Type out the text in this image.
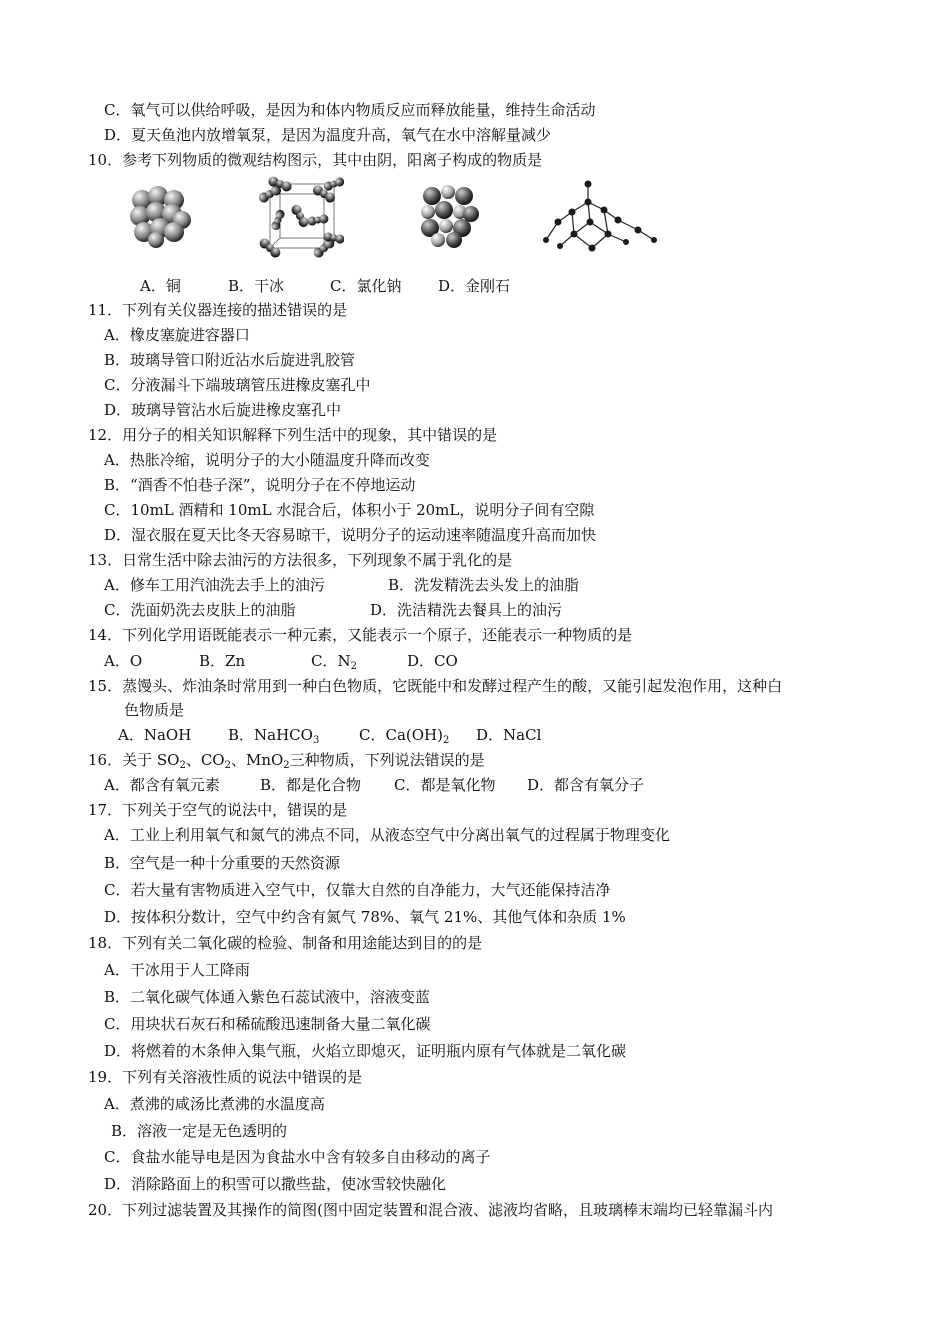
C．氧气可以供给呼吸，是因为和体内物质反应而释放能量，维持生命活动
D．夏天鱼池内放增氧泵，是因为温度升高，氧气在水中溶解量减少
10．参考下列物质的微观结构图示，其中由阴，阳离子构成的物质是
A．铜	B．干冰	C．氯化钠 D．金刚石
11．下列有关仪器连接的描述错误的是
A．橡皮塞旋进容器口
B．玻璃导管口附近沾水后旋进乳胶管
C．分液漏斗下端玻璃管压进橡皮塞孔中
D．玻璃导管沾水后旋进橡皮塞孔中
12．用分子的相关知识解释下列生活中的现象，其中错误的是
A．热胀冷缩，说明分子的大小随温度升降而改变
B．“酒香不怕巷子深”，说明分子在不停地运动
C．10mL 酒精和 10mL 水混合后，体积小于 20mL，说明分子间有空隙
D．湿衣服在夏天比冬天容易晾干，说明分子的运动速率随温度升高而加快
13．日常生活中除去油污的方法很多，下列现象不属于乳化的是
A．修车工用汽油洗去手上的油污	B．洗发精洗去头发上的油脂
C．洗面奶洗去皮肤上的油脂	D．洗洁精洗去餐具上的油污
14．下列化学用语既能表示一种元素，又能表示一个原子，还能表示一种物质的是
A．O	B．Zn	C．$N_2$	D．CO
15．蒸馒头、炸油条时常用到一种白色物质，它既能中和发酵过程产生的酸，又能引起发泡作用，这种白
色物质是
A．NaOH B．NaHCO$_3$	C．$Ca(OH)_2$ D．NaCl
16．关于 $SO_2$、$CO_2$、MnO$_2$三种物质，下列说法错误的是
A．都含有氧元素	B．都是化合物 C．都是氧化物 D．都含有氧分子
17．下列关于空气的说法中，错误的是
A．工业上利用氧气和氮气的沸点不同，从液态空气中分离出氧气的过程属于物理变化
B．空气是一种十分重要的天然资源
C．若大量有害物质进入空气中，仅靠大自然的自净能力，大气还能保持洁净
D．按体积分数计，空气中约含有氮气 78%、氧气 21%、其他气体和杂质 1%
18．下列有关二氧化碳的检验、制备和用途能达到目的的是
A．干冰用于人工降雨
B．二氧化碳气体通入紫色石蕊试液中，溶液变蓝
C．用块状石灰石和稀硫酸迅速制备大量二氧化碳
D．将燃着的木条伸入集气瓶，火焰立即熄灭，证明瓶内原有气体就是二氧化碳
19．下列有关溶液性质的说法中错误的是
A．煮沸的咸汤比煮沸的水温度高
B．溶液一定是无色透明的
C．食盐水能导电是因为食盐水中含有较多自由移动的离子
D．消除路面上的积雪可以撒些盐，使冰雪较快融化
20．下列过滤装置及其操作的简图(图中固定装置和混合液、滤液均省略，且玻璃棒末端均已轻靠漏斗内
